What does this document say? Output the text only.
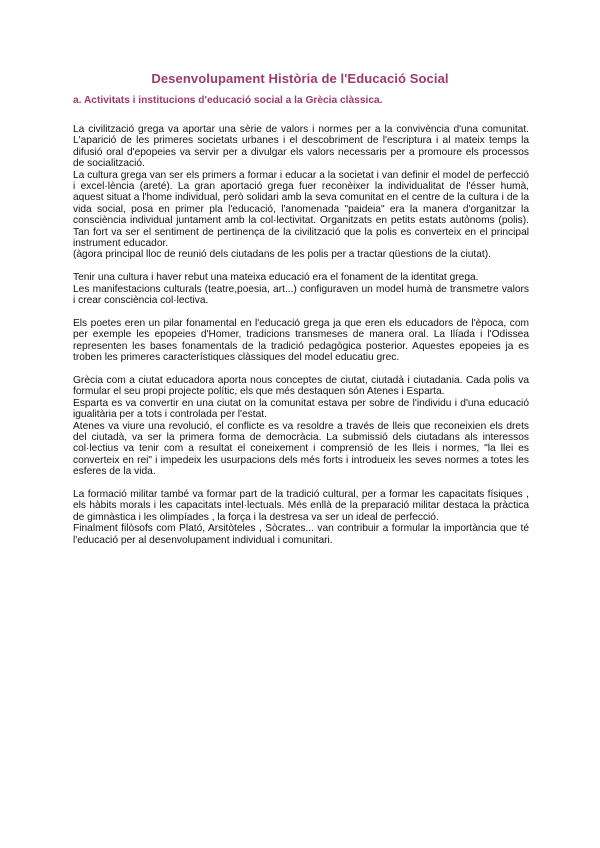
Desenvolupament Història de l'Educació Social
a. Activitats i institucions d'educació social a la Grècia clàssica.

La civilització grega va aportar una sèrie de valors i normes per a la convivència d'una comunitat. L'aparició de les primeres societats urbanes i el descobriment de l'escriptura i al mateix temps la difusió oral d'epopeies va servir per a divulgar els valors necessaris per a promoure els processos de socialització.

La cultura grega van ser els primers a formar i educar a la societat i van definir el model de perfecció i excel·lència (areté). La gran aportació grega fuer reconèixer la individualitat de l'ésser humà, aquest situat a l'home individual, però solidari amb la seva comunitat en el centre de la cultura i de la vida social, posa en primer pla l'educació, l'anomenada "paideia" era la manera d'organitzar la consciència individual juntament amb la col·lectivitat. Organitzats en petits estats autònoms (polis). Tan fort va ser el sentiment de pertinença de la civilització que la polis es converteix en el principal instrument educador.

(àgora principal lloc de reunió dels ciutadans de les polis per a tractar qüestions de la ciutat).

Tenir una cultura i haver rebut una mateixa educació era el fonament de la identitat grega.

Les manifestacions culturals (teatre,poesia, art...) configuraven un model humà de transmetre valors i crear consciència col·lectiva.

Els poetes eren un pilar fonamental en l'educació grega ja que eren els educadors de l'època, com per exemple les epopeies d'Homer, tradicions transmeses de manera oral. La Ilíada i l'Odissea representen les bases fonamentals de la tradició pedagògica posterior. Aquestes epopeies ja es troben les primeres característiques clàssiques del model educatiu grec.

Grècia com a ciutat educadora aporta nous conceptes de ciutat, ciutadà i ciutadania. Cada polis va formular el seu propi projecte polític, els que més destaquen són Atenes i Esparta.

Esparta es va convertir en una ciutat on la comunitat estava per sobre de l'individu i d'una educació igualitària per a tots i controlada per l'estat.

Atenes va viure una revolució, el conflicte es va resoldre a través de lleis que reconeixien els drets del ciutadà, va ser la primera forma de democràcia. La submissió dels ciutadans als interessos col·lectius va tenir com a resultat el coneixement i comprensió de les lleis i normes, "la llei es converteix en rei" i impedeix les usurpacions dels més forts i introdueix les seves normes a totes les esferes de la vida.

La formació militar també va formar part de la tradició cultural, per a formar les capacitats físiques , els hàbits morals i les capacitats intel·lectuals. Més enllà de la preparació militar destaca la pràctica de gimnàstica i les olimpíades , la força i la destresa va ser un ideal de perfecció.

Finalment filòsofs com Plató, Arsitòteles , Sòcrates... van contribuir a formular la importància que té l'educació per al desenvolupament individual i comunitari.
